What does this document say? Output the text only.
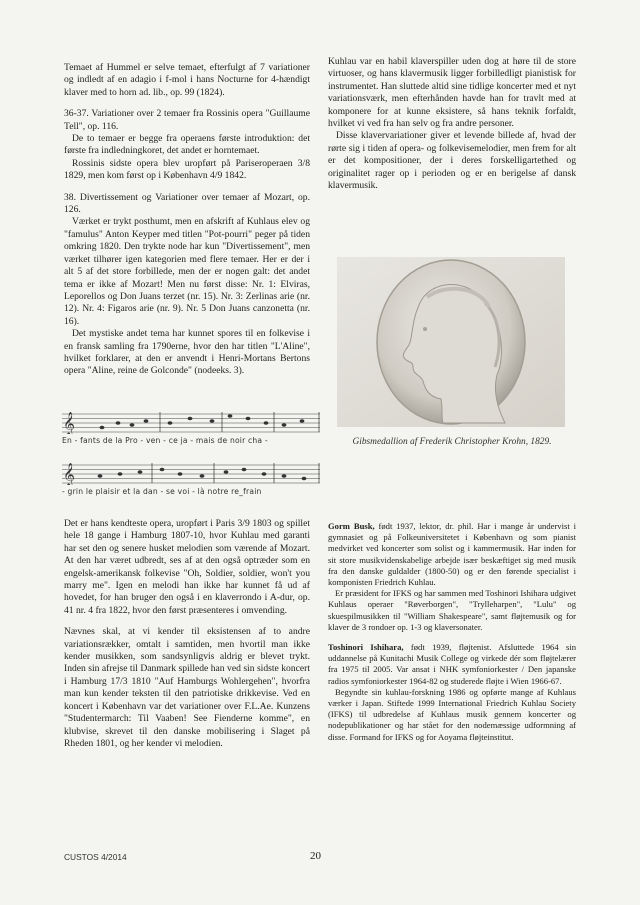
Temaet af Hummel er selve temaet, efterfulgt af 7 variationer og indledt af en adagio i f-mol i hans Nocturne for 4-hændigt klaver med to horn ad. lib., op. 99 (1824).

36-37. Variationer over 2 temaer fra Rossinis opera "Guillaume Tell", op. 116.

De to temaer er begge fra operaens første introduktion: det første fra indledningkoret, det andet er horntemaet.

Rossinis sidste opera blev uropført på Pariseroperaen 3/8 1829, men kom først op i København 4/9 1842.

38. Divertissement og Variationer over temaer af Mozart, op. 126.

Værket er trykt posthumt, men en afskrift af Kuhlaus elev og "famulus" Anton Keyper med titlen "Pot-pourri" peger på tiden omkring 1820. Den trykte node har kun "Divertissement", men værket tilhører igen kategorien med flere temaer. Her er der i alt 5 af det store forbillede, men der er nogen galt: det andet tema er ikke af Mozart! Men nu først disse: Nr. 1: Elviras, Leporellos og Don Juans terzet (nr. 15). Nr. 3: Zerlinas arie (nr. 12). Nr. 4: Figaros arie (nr. 9). Nr. 5 Don Juans canzonetta (nr. 16).

Det mystiske andet tema har kunnet spores til en folkevise i en fransk samling fra 1790erne, hvor den har titlen "L'Aline", hvilket forklarer, at den er anvendt i Henri-Mortans Bertons opera "Aline, reine de Golconde" (nodeeks. 3).

𝄞
En - fants de la Pro - ven - ce ja - mais de noir cha -
𝄞
- grin le plaisir et la dan - se voi - là notre re_frain

Det er hans kendteste opera, uropført i Paris 3/9 1803 og spillet hele 18 gange i Hamburg 1807-10, hvor Kuhlau med garanti har set den og senere husket melodien som værende af Mozart. At den har været udbredt, ses af at den også optræder som en engelsk-amerikansk folkevise "Oh, Soldier, soldier, won't you marry me". Igen en melodi han ikke har kunnet få ud af hovedet, for han bruger den også i en klaverrondo i A-dur, op. 41 nr. 4 fra 1822, hvor den først præsenteres i omvending.

Nævnes skal, at vi kender til eksistensen af to andre variationsrækker, omtalt i samtiden, men hvortil man ikke kender musikken, som sandsynligvis aldrig er blevet trykt. Inden sin afrejse til Danmark spillede han ved sin sidste koncert i Hamburg 17/3 1810 "Auf Hamburgs Wohlergehen", hvorfra man kun kender teksten til den patriotiske drikkevise. Ved en koncert i København var det variationer over F.L.Ae. Kunzens "Studentermarch: Til Vaaben! See Fienderne komme", en klubvise, skrevet til den danske mobilisering i Slaget på Rheden 1801, og her kender vi melodien.

Kuhlau var en habil klaverspiller uden dog at høre til de store virtuoser, og hans klavermusik ligger forbilledligt pianistisk for instrumentet. Han sluttede altid sine tidlige koncerter med et nyt variationsværk, men efterhånden havde han for travlt med at komponere for at kunne eksistere, så hans teknik forfaldt, hvilket vi ved fra han selv og fra andre personer.

Disse klavervariationer giver et levende billede af, hvad der rørte sig i tiden af opera- og folkevisemelodier, men frem for alt er det kompositioner, der i deres forskelligartethed og originalitet rager op i perioden og er en berigelse af dansk klavermusik.

Gibsmedallion af Frederik Christopher Krohn, 1829.

Gorm Busk, født 1937, lektor, dr. phil. Har i mange år undervist i gymnasiet og på Folkeuniversitetet i København og som pianist medvirket ved koncerter som solist og i kammermusik. Har inden for sit store musikvidenskabelige arbejde især beskæftiget sig med musik fra den danske guldalder (1800-50) og er den førende specialist i komponisten Friedrich Kuhlau.

Er præsident for IFKS og har sammen med Toshinori Ishihara udgivet Kuhlaus operaer "Røverborgen", "Trylleharpen", "Lulu" og skuespilmusikken til "William Shakespeare", samt fløjtemusik og for klaver de 3 rondoer op. 1-3 og klaversonater.

Toshinori Ishihara, født 1939, fløjtenist. Afsluttede 1964 sin uddannelse på Kunitachi Musik College og virkede dér som fløjtelærer fra 1975 til 2005. Var ansat i NHK symfoniorkester / Den japanske radios symfoniorkester 1964-82 og studerede fløjte i Wien 1966-67.

Begyndte sin kuhlau-forskning 1986 og opførte mange af Kuhlaus værker i Japan. Stiftede 1999 International Friedrich Kuhlau Society (IFKS) til udbredelse af Kuhlaus musik gennem koncerter og nodepublikationer og har stået for den nodemæssige udformning af disse. Formand for IFKS og for Aoyama fløjteinstitut.

CUSTOS 4/2014	20
